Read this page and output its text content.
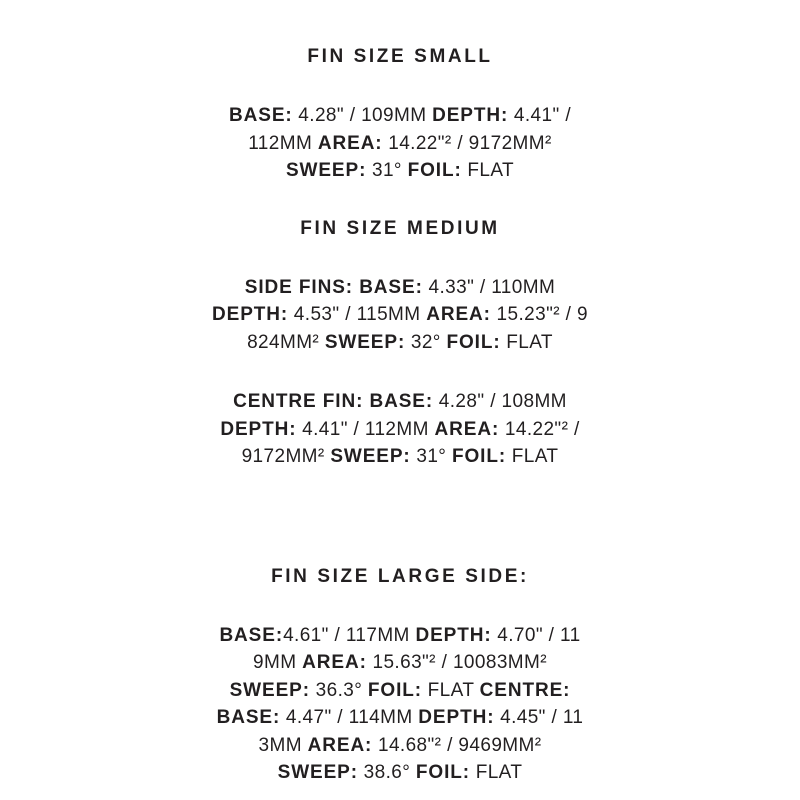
FIN SIZE SMALL
BASE: 4.28" / 109MM DEPTH: 4.41" /
112MM AREA: 14.22"² / 9172MM²
SWEEP: 31° FOIL: FLAT
FIN SIZE MEDIUM
SIDE FINS: BASE: 4.33" / 110MM
DEPTH: 4.53" / 115MM AREA: 15.23"² / 9
824MM² SWEEP: 32° FOIL: FLAT
CENTRE FIN: BASE: 4.28" / 108MM
DEPTH: 4.41" / 112MM AREA: 14.22"² /
9172MM² SWEEP: 31° FOIL: FLAT
FIN SIZE LARGE SIDE:
BASE:4.61" / 117MM DEPTH: 4.70" / 11
9MM AREA: 15.63"² / 10083MM²
SWEEP: 36.3° FOIL: FLAT CENTRE:
BASE: 4.47" / 114MM DEPTH: 4.45" / 11
3MM AREA: 14.68"² / 9469MM²
SWEEP: 38.6° FOIL: FLAT
